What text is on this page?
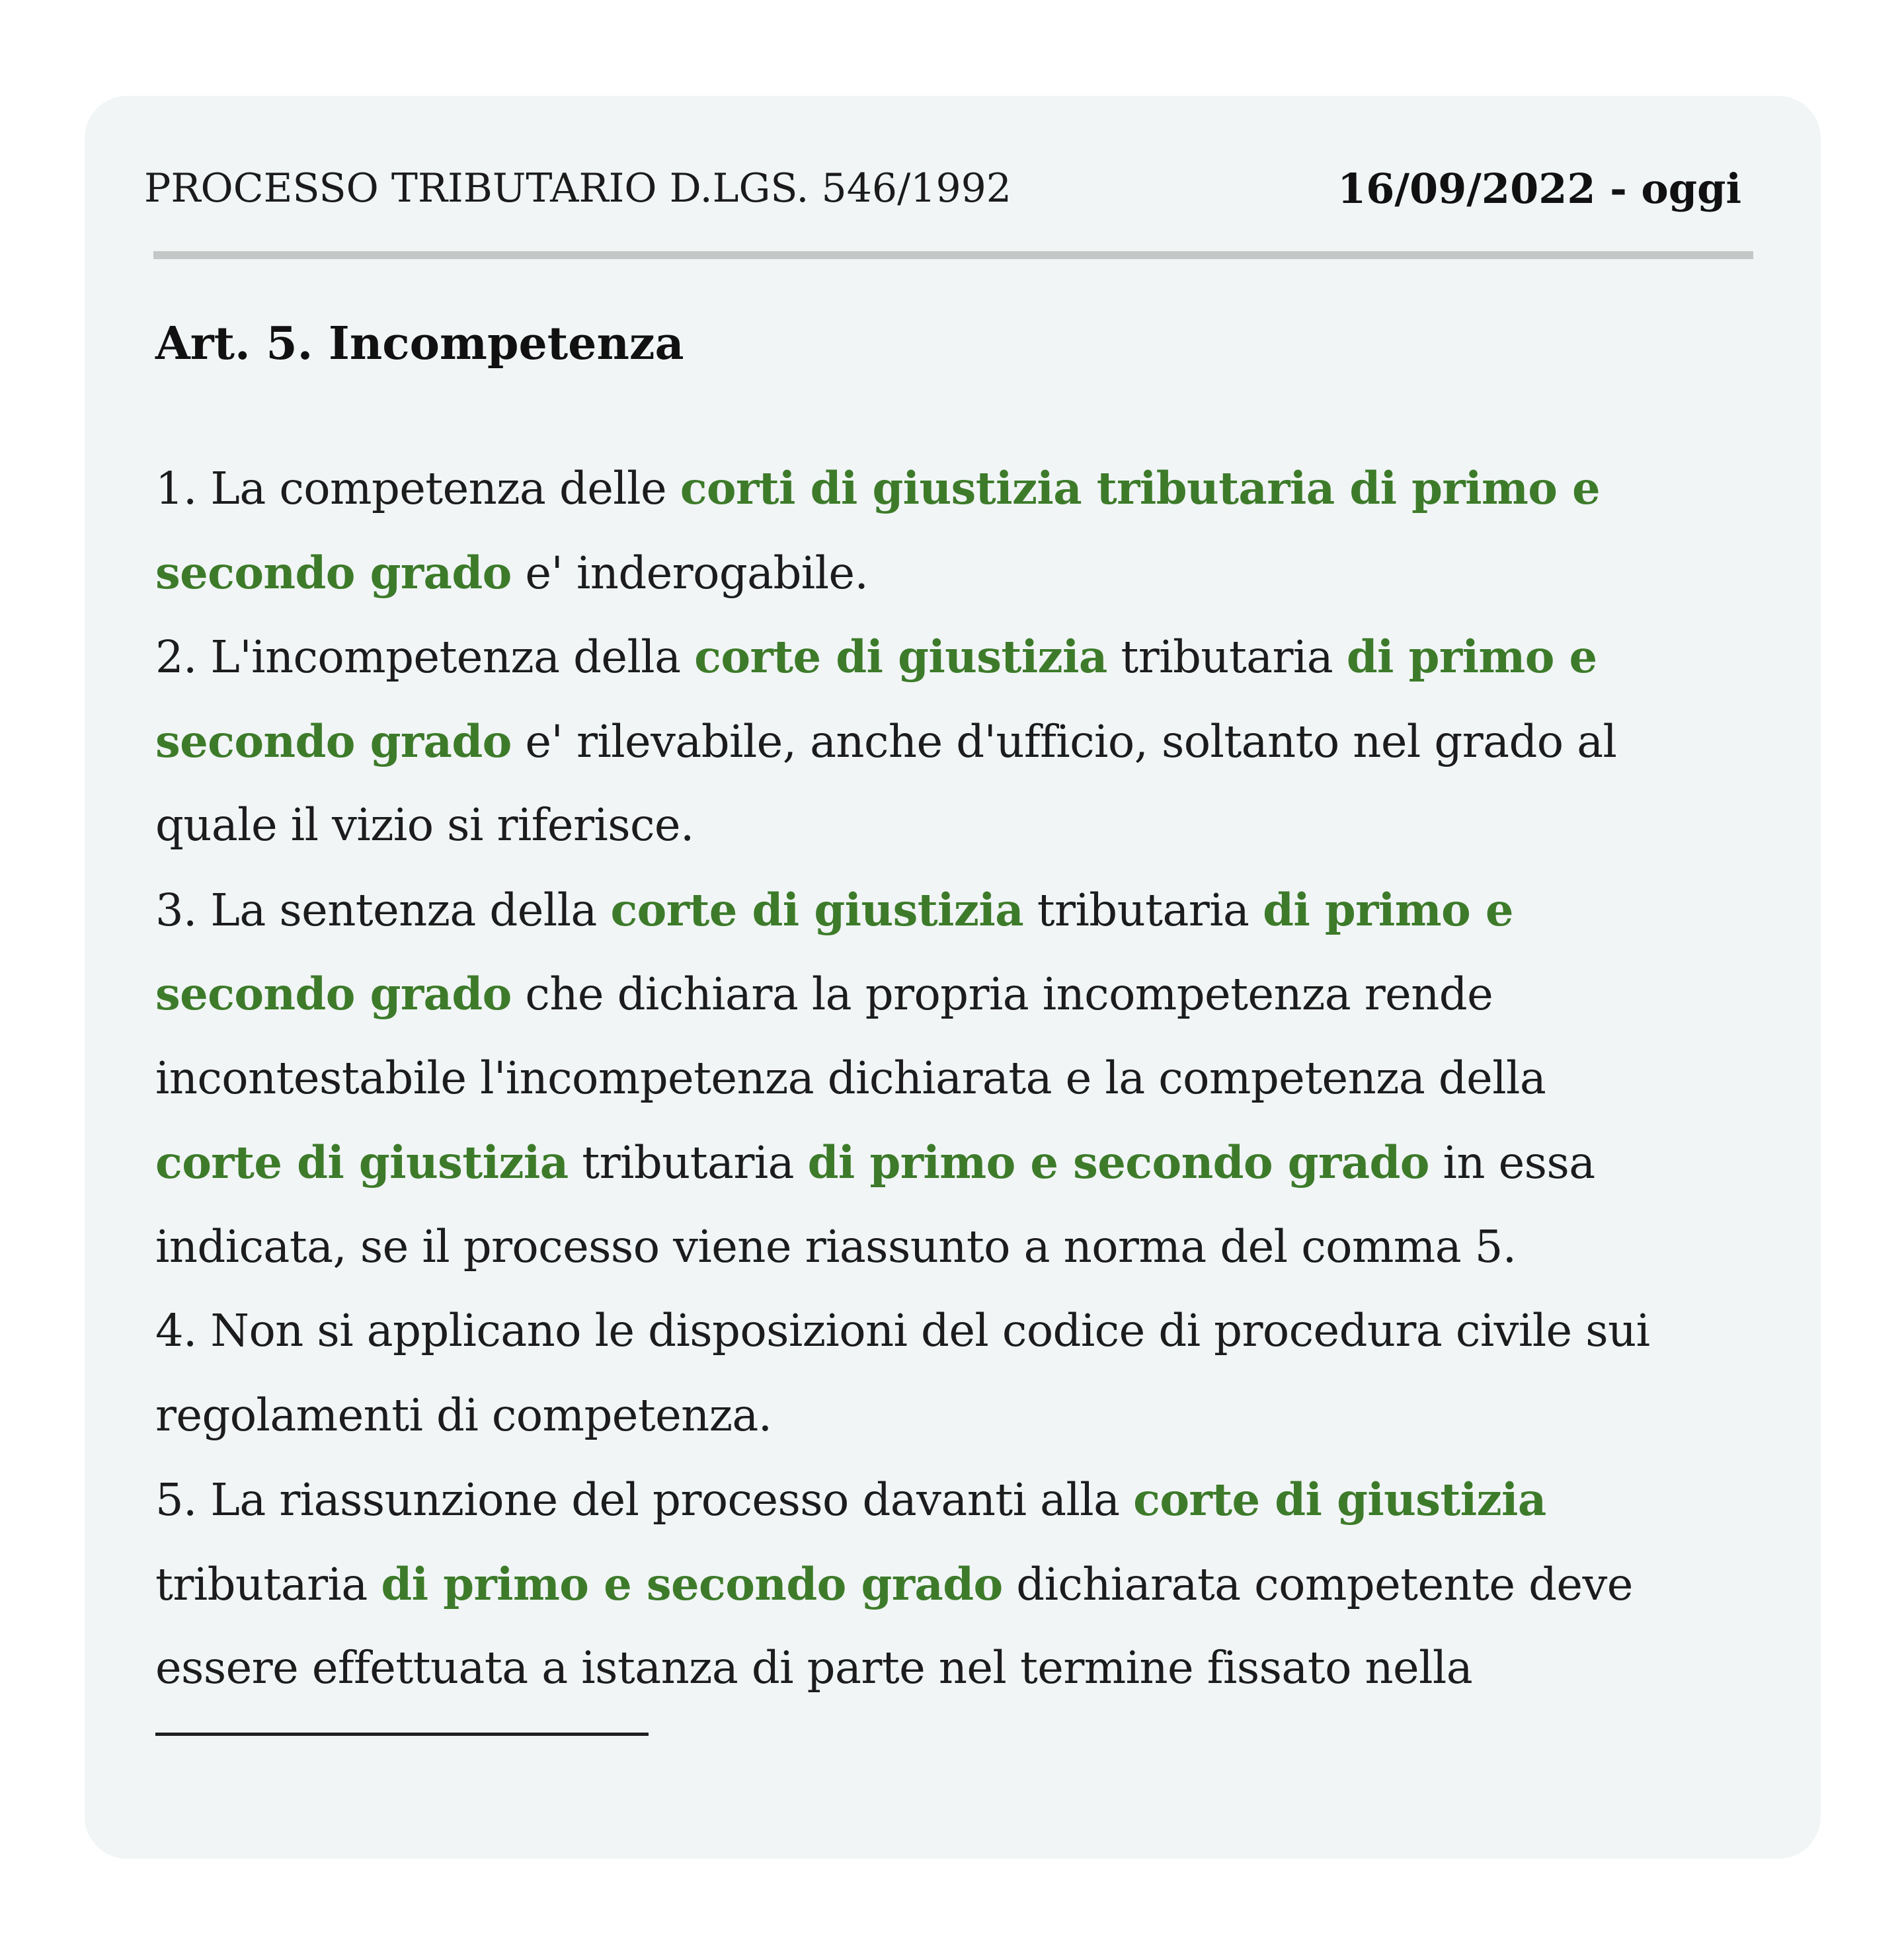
PROCESSO TRIBUTARIO D.LGS. 546/1992	16/09/2022 - oggi
Art. 5. Incompetenza
1. La competenza delle corti di giustizia tributaria di primo e
secondo grado e' inderogabile.
2. L'incompetenza della corte di giustizia tributaria di primo e
secondo grado e' rilevabile, anche d'ufficio, soltanto nel grado al
quale il vizio si riferisce.
3. La sentenza della corte di giustizia tributaria di primo e
secondo grado che dichiara la propria incompetenza rende
incontestabile l'incompetenza dichiarata e la competenza della
corte di giustizia tributaria di primo e secondo grado in essa
indicata, se il processo viene riassunto a norma del comma 5.
4. Non si applicano le disposizioni del codice di procedura civile sui
regolamenti di competenza.
5. La riassunzione del processo davanti alla corte di giustizia
tributaria di primo e secondo grado dichiarata competente deve
essere effettuata a istanza di parte nel termine fissato nella
